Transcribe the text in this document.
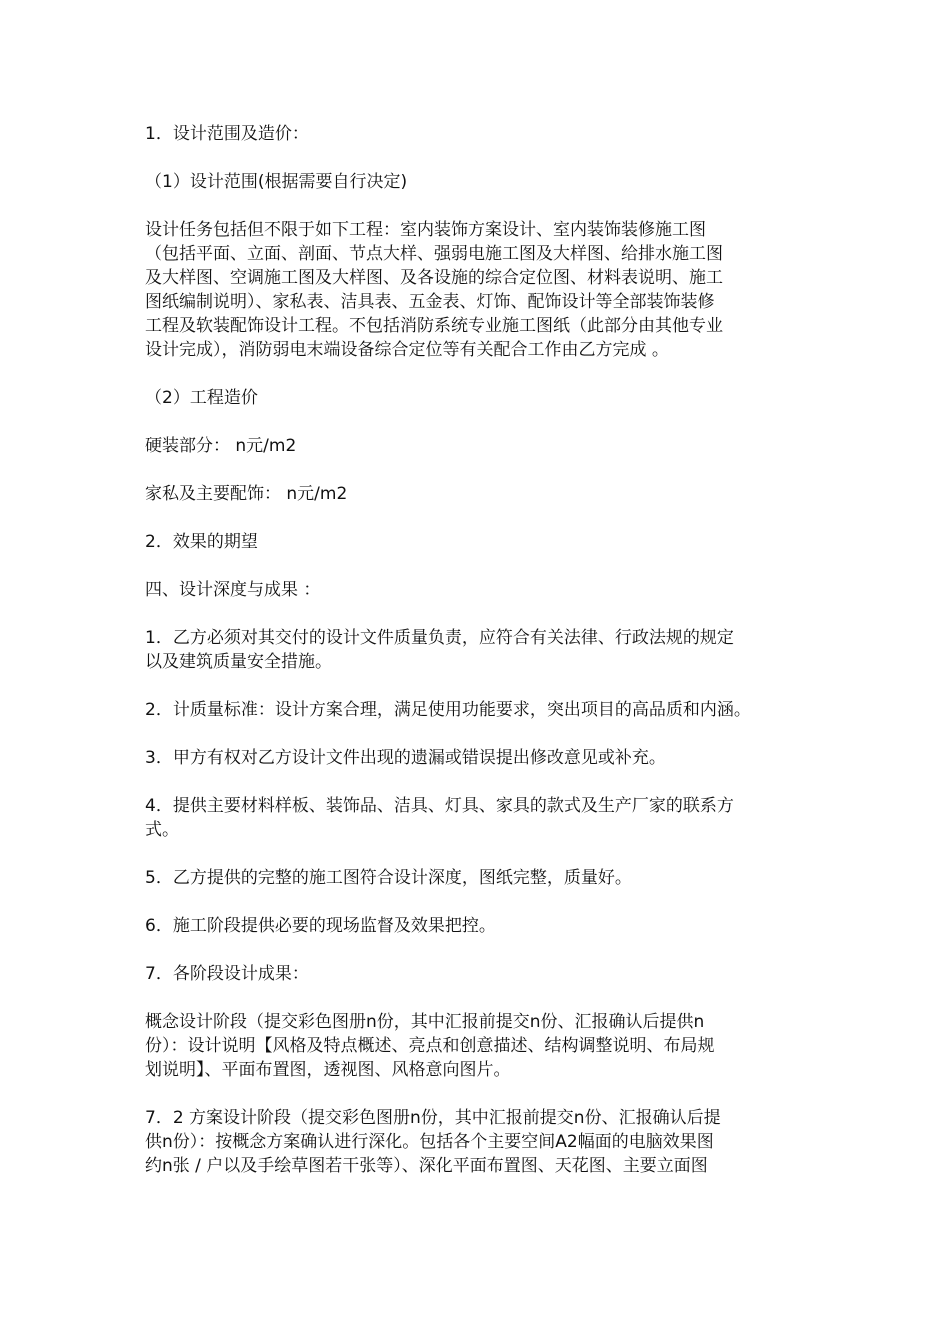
1．设计范围及造价：
（1）设计范围(根据需要自行决定)
设计任务包括但不限于如下工程：室内装饰方案设计、室内装饰装修施工图
（包括平面、立面、剖面、节点大样、强弱电施工图及大样图、给排水施工图
及大样图、空调施工图及大样图、及各设施的综合定位图、材料表说明、施工
图纸编制说明）、家私表、洁具表、五金表、灯饰、配饰设计等全部装饰装修
工程及软装配饰设计工程。不包括消防系统专业施工图纸（此部分由其他专业
设计完成），消防弱电末端设备综合定位等有关配合工作由乙方完成 。
（2）工程造价
硬装部分： n元/m2
家私及主要配饰： n元/m2
2．效果的期望
四、设计深度与成果 ：
1．乙方必须对其交付的设计文件质量负责，应符合有关法律、行政法规的规定
以及建筑质量安全措施。
2．计质量标准：设计方案合理，满足使用功能要求，突出项目的高品质和内涵。
3．甲方有权对乙方设计文件出现的遗漏或错误提出修改意见或补充。
4．提供主要材料样板、装饰品、洁具、灯具、家具的款式及生产厂家的联系方
式。
5．乙方提供的完整的施工图符合设计深度，图纸完整，质量好。
6．施工阶段提供必要的现场监督及效果把控。
7．各阶段设计成果：
概念设计阶段（提交彩色图册n份，其中汇报前提交n份、汇报确认后提供n
份）：设计说明【风格及特点概述、亮点和创意描述、结构调整说明、布局规
划说明】、平面布置图，透视图、风格意向图片。
7．2 方案设计阶段（提交彩色图册n份，其中汇报前提交n份、汇报确认后提
供n份）：按概念方案确认进行深化。包括各个主要空间A2幅面的电脑效果图
约n张 / 户以及手绘草图若干张等）、深化平面布置图、天花图、主要立面图
